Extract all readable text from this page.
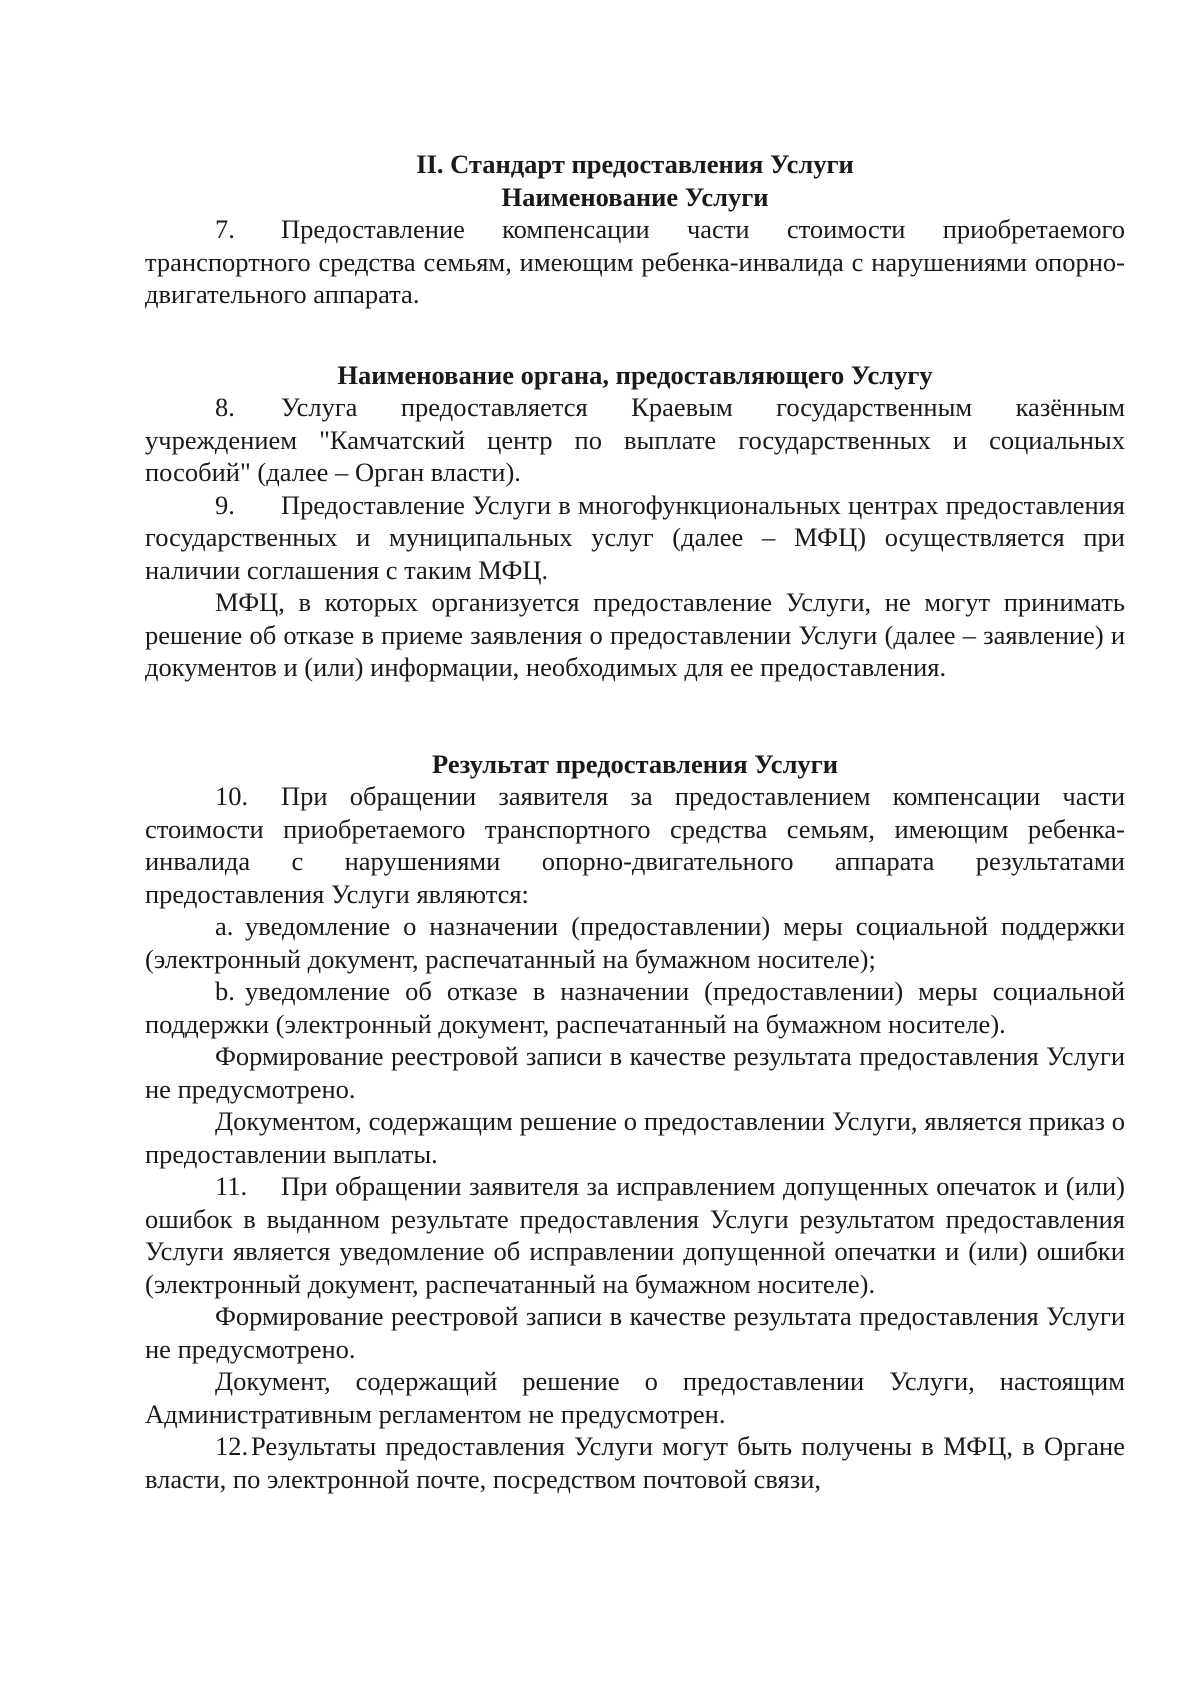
II. Стандарт предоставления Услуги

Наименование Услуги

7. Предоставление компенсации части стоимости приобретаемого транспортного средства семьям, имеющим ребенка-инвалида с нарушениями опорно-двигательного аппарата.

Наименование органа, предоставляющего Услугу

8. Услуга предоставляется Краевым государственным казённым учреждением "Камчатский центр по выплате государственных и социальных пособий" (далее – Орган власти).

9. Предоставление Услуги в многофункциональных центрах предоставления государственных и муниципальных услуг (далее – МФЦ) осуществляется при наличии соглашения с таким МФЦ.

МФЦ, в которых организуется предоставление Услуги, не могут принимать решение об отказе в приеме заявления о предоставлении Услуги (далее – заявление) и документов и (или) информации, необходимых для ее предоставления.

Результат предоставления Услуги

10. При обращении заявителя за предоставлением компенсации части стоимости приобретаемого транспортного средства семьям, имеющим ребенка-инвалида с нарушениями опорно-двигательного аппарата результатами предоставления Услуги являются:

a. уведомление о назначении (предоставлении) меры социальной поддержки (электронный документ, распечатанный на бумажном носителе);

b. уведомление об отказе в назначении (предоставлении) меры социальной поддержки (электронный документ, распечатанный на бумажном носителе).

Формирование реестровой записи в качестве результата предоставления Услуги не предусмотрено.

Документом, содержащим решение о предоставлении Услуги, является приказ о предоставлении выплаты.

11. При обращении заявителя за исправлением допущенных опечаток и (или) ошибок в выданном результате предоставления Услуги результатом предоставления Услуги является уведомление об исправлении допущенной опечатки и (или) ошибки (электронный документ, распечатанный на бумажном носителе).

Формирование реестровой записи в качестве результата предоставления Услуги не предусмотрено.

Документ, содержащий решение о предоставлении Услуги, настоящим Административным регламентом не предусмотрен.

12. Результаты предоставления Услуги могут быть получены в МФЦ, в Органе власти, по электронной почте, посредством почтовой связи,
